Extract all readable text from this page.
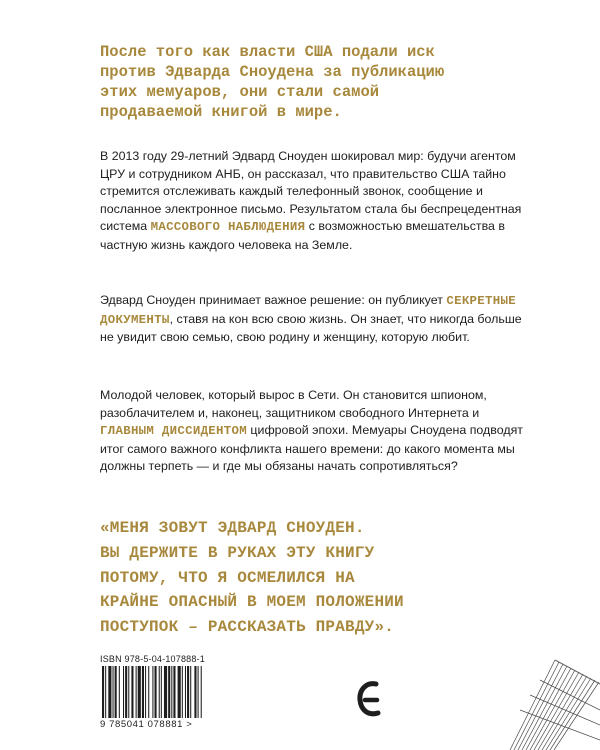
После того как власти США подали иск
против Эдварда Сноудена за публикацию
этих мемуаров, они стали самой
продаваемой книгой в мире.
В 2013 году 29-летний Эдвард Сноуден шокировал мир: будучи агентом ЦРУ и сотрудником АНБ, он рассказал, что правительство США тайно стремится отслеживать каждый телефонный звонок, сообщение и посланное электронное письмо. Результатом стала бы беспрецедентная система МАССОВОГО НАБЛЮДЕНИЯ с возможностью вмешательства в частную жизнь каждого человека на Земле.
Эдвард Сноуден принимает важное решение: он публикует СЕКРЕТНЫЕ ДОКУМЕНТЫ, ставя на кон всю свою жизнь. Он знает, что никогда больше не увидит свою семью, свою родину и женщину, которую любит.
Молодой человек, который вырос в Сети. Он становится шпионом, разоблачителем и, наконец, защитником свободного Интернета и ГЛАВНЫМ ДИССИДЕНТОМ цифровой эпохи. Мемуары Сноудена подводят итог самого важного конфликта нашего времени: до какого момента мы должны терпеть — и где мы обязаны начать сопротивляться?
«МЕНЯ ЗОВУТ ЭДВАРД СНОУДЕН.
ВЫ ДЕРЖИТЕ В РУКАХ ЭТУ КНИГУ
ПОТОМУ, ЧТО Я ОСМЕЛИЛСЯ НА
КРАЙНЕ ОПАСНЫЙ В МОЕМ ПОЛОЖЕНИИ
ПОСТУПОК – РАССКАЗАТЬ ПРАВДУ».
ISBN 978-5-04-107888-1
9 785041 078881 >
